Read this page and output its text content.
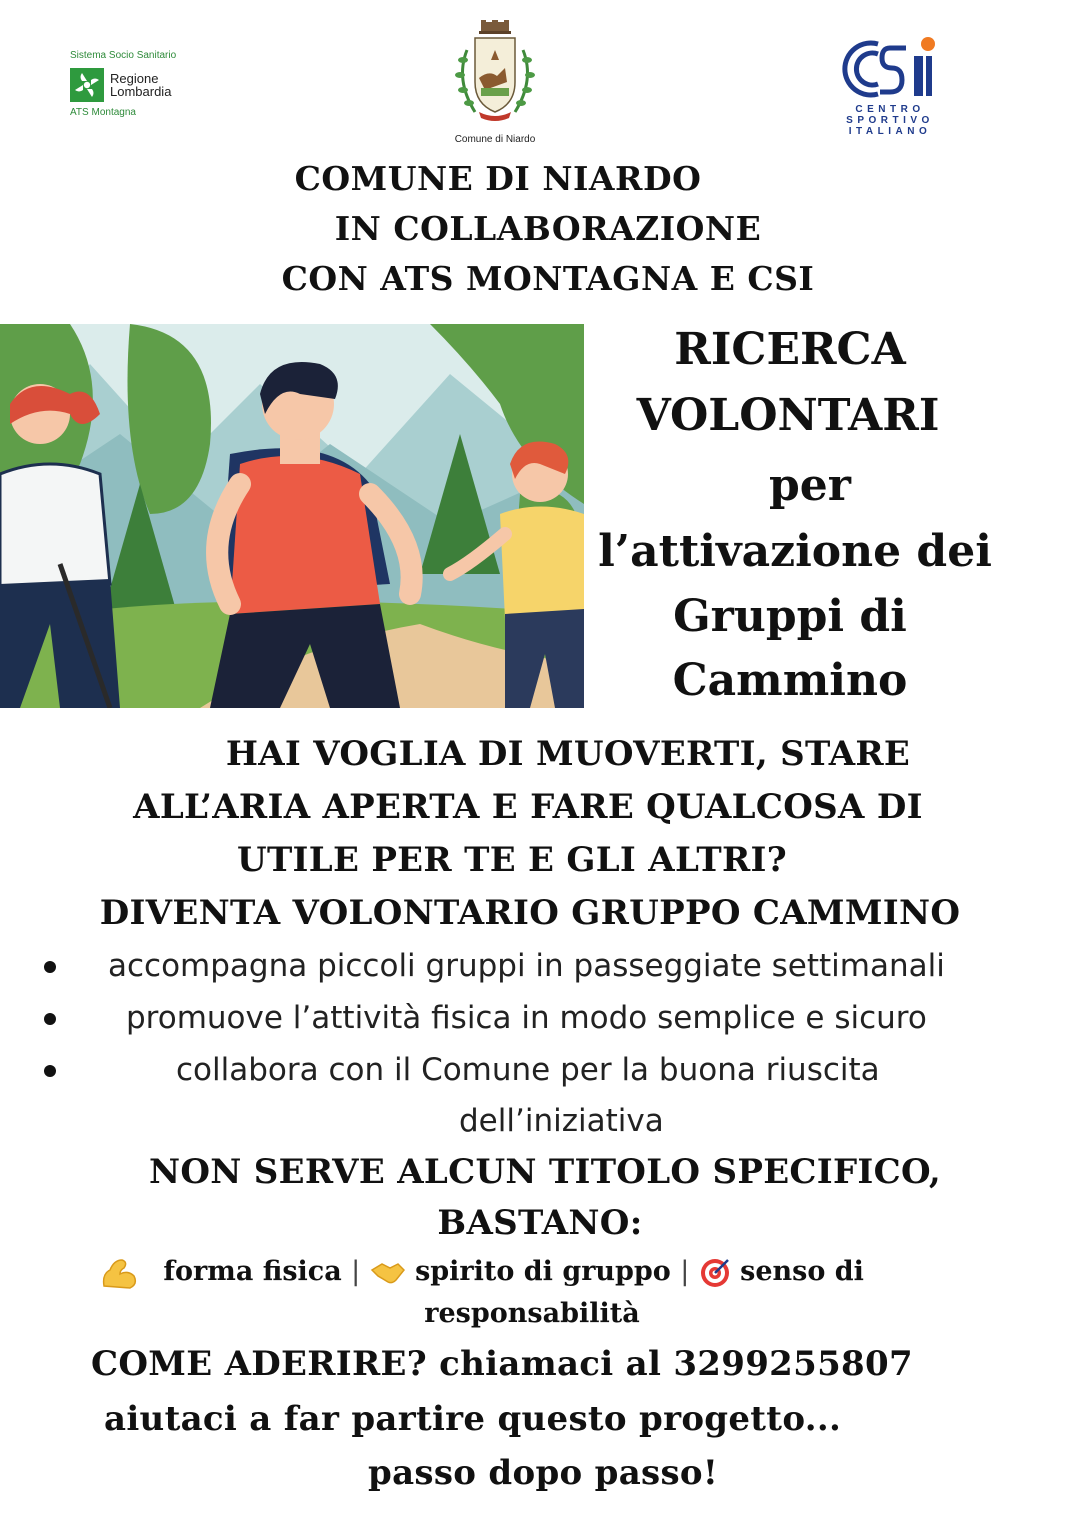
Sistema Socio Sanitario
Regione
Lombardia
ATS Montagna
Comune di Niardo
CENTRO
SPORTIVO
ITALIANO
COMUNE DI NIARDO
IN COLLABORAZIONE
CON ATS MONTAGNA E CSI
RICERCA
VOLONTARI
per
l’attivazione dei
Gruppi di
Cammino
HAI VOGLIA DI MUOVERTI, STARE
ALL’ARIA APERTA E FARE QUALCOSA DI
UTILE PER TE E GLI ALTRI?
DIVENTA VOLONTARIO GRUPPO CAMMINO
accompagna piccoli gruppi in passeggiate settimanali
promuove l’attività fisica in modo semplice e sicuro
collabora con il Comune per la buona riuscita
dell’iniziativa
NON SERVE ALCUN TITOLO SPECIFICO,
BASTANO:
forma fisica | spirito di gruppo | senso di
responsabilità
COME ADERIRE? chiamaci al 3299255807
aiutaci a far partire questo progetto...
passo dopo passo!
